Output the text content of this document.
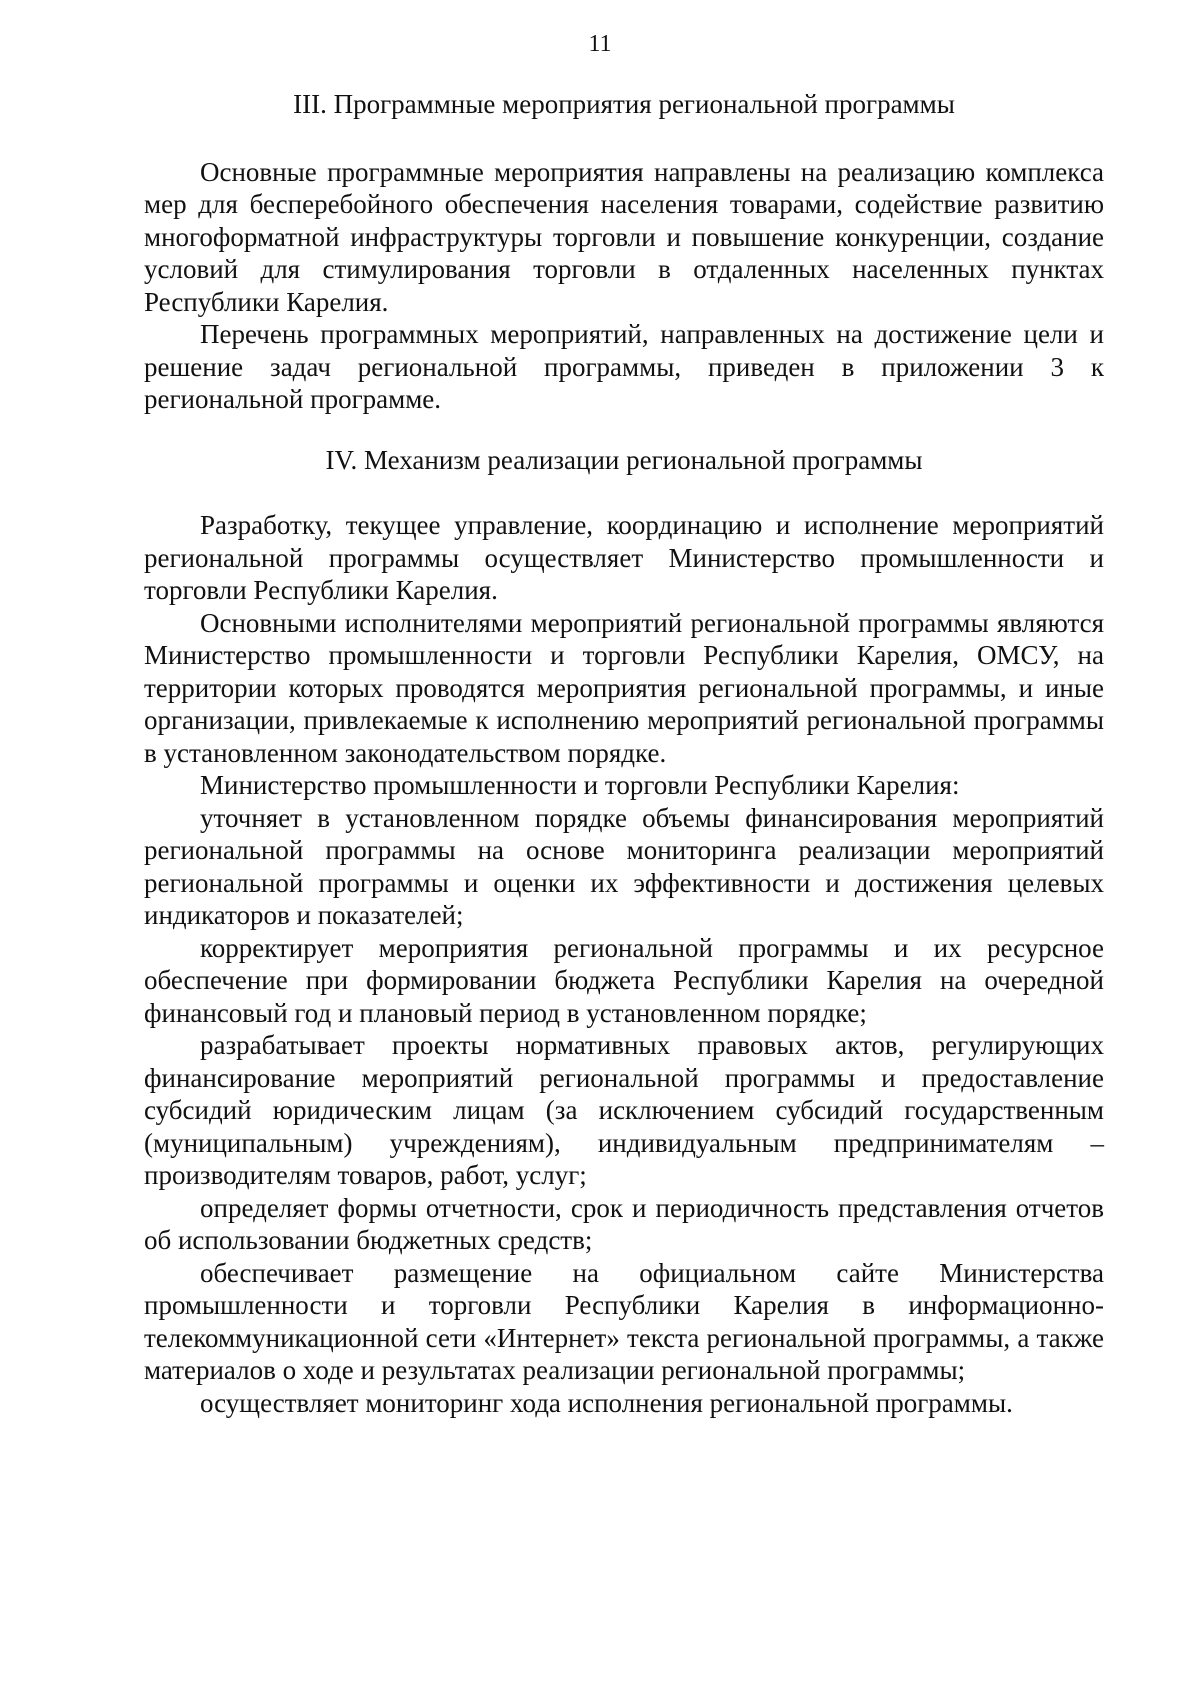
11
III. Программные мероприятия региональной программы

Основные программные мероприятия направлены на реализацию комплекса мер для бесперебойного обеспечения населения товарами, содействие развитию многоформатной инфраструктуры торговли и повышение конкуренции, создание условий для стимулирования торговли в отдаленных населенных пунктах Республики Карелия.

Перечень программных мероприятий, направленных на достижение цели и решение задач региональной программы, приведен в приложении 3 к региональной программе.

IV. Механизм реализации региональной программы

Разработку, текущее управление, координацию и исполнение мероприятий региональной программы осуществляет Министерство промышленности и торговли Республики Карелия.

Основными исполнителями мероприятий региональной программы являются Министерство промышленности и торговли Республики Карелия, ОМСУ, на территории которых проводятся мероприятия региональной программы, и иные организации, привлекаемые к исполнению мероприятий региональной программы в установленном законодательством порядке.

Министерство промышленности и торговли Республики Карелия:

уточняет в установленном порядке объемы финансирования мероприятий региональной программы на основе мониторинга реализации мероприятий региональной программы и оценки их эффективности и достижения целевых индикаторов и показателей;

корректирует мероприятия региональной программы и их ресурсное обеспечение при формировании бюджета Республики Карелия на очередной финансовый год и плановый период в установленном порядке;

разрабатывает проекты нормативных правовых актов, регулирующих финансирование мероприятий региональной программы и предоставление субсидий юридическим лицам (за исключением субсидий государственным (муниципальным) учреждениям), индивидуальным предпринимателям – производителям товаров, работ, услуг;

определяет формы отчетности, срок и периодичность представления отчетов об использовании бюджетных средств;

обеспечивает размещение на официальном сайте Министерства промышленности и торговли Республики Карелия в информационно-телекоммуникационной сети «Интернет» текста региональной программы, а также материалов о ходе и результатах реализации региональной программы;

осуществляет мониторинг хода исполнения региональной программы.
